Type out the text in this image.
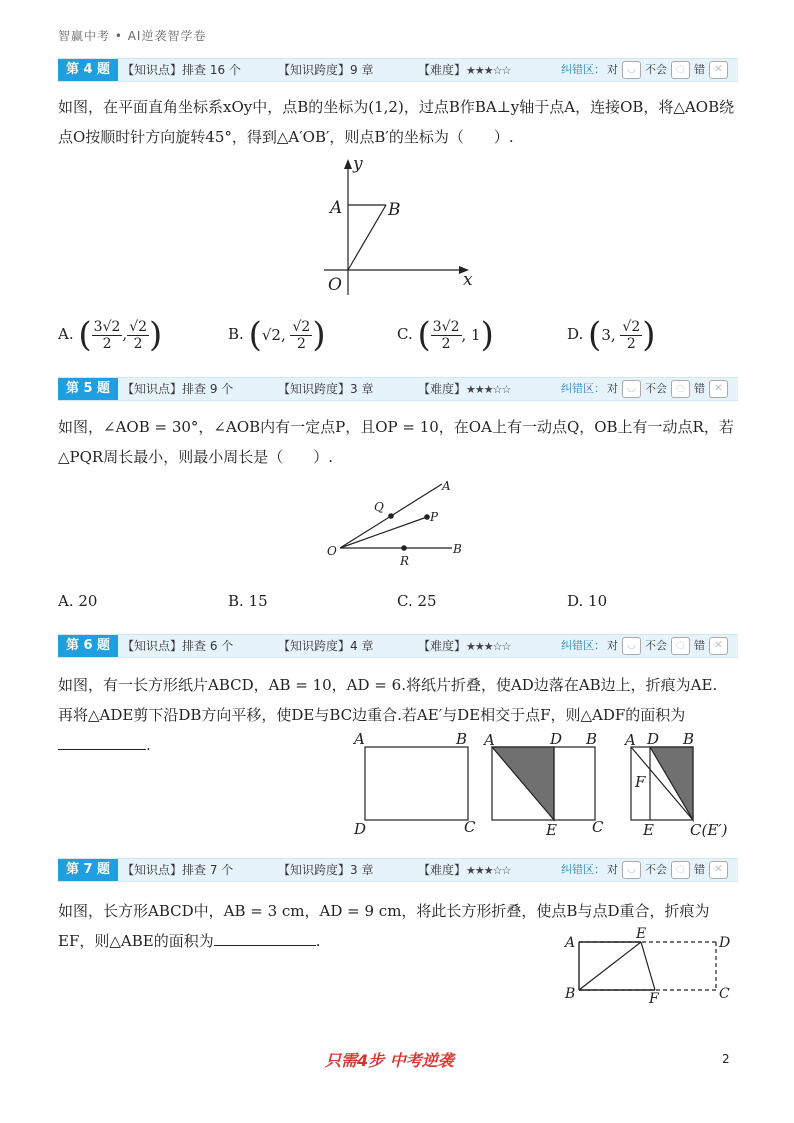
智赢中考 • AI逆袭智学卷
第 4 题 【知识点】排查 16 个	【知识跨度】9 章	【难度】★★★☆☆	纠错区： 对 ◡ 不会 ◌ 错 ✕
如图，在平面直角坐标系xOy中，点B的坐标为(1,2)，过点B作BA⊥y轴于点A，连接OB，将△AOB绕点O按顺时针方向旋转45°，得到△A′OB′，则点B′的坐标为（　　）.
y
x
A	B
O
A. ( $\frac{3√2}{2}$ , $\frac{√2}{2}$ )	B. (√2, $\frac{√2}{2}$ )	C. ( $\frac{3√2}{2}$ , 1)	D. (3, $\frac{√2}{2}$ )
第 5 题 【知识点】排查 9 个	【知识跨度】3 章	【难度】★★★☆☆	纠错区： 对 ◡ 不会 ◌ 错 ✕
如图，∠AOB = 30°，∠AOB内有一定点P，且OP = 10，在OA上有一动点Q，OB上有一动点R，若△PQR周长最小，则最小周长是（　　）.
A
Q
P
O	B
R
A. 20	B. 15	C. 25	D. 10
第 6 题 【知识点】排查 6 个	【知识跨度】4 章	【难度】★★★☆☆	纠错区： 对 ◡ 不会 ◌ 错 ✕
如图，有一长方形纸片ABCD，AB = 10，AD = 6.将纸片折叠，使AD边落在AB边上，折痕为AE.
再将△ADE剪下沿DB方向平移，使DE与BC边重合.若AE′与DE相交于点F，则△ADF的面积为
.	A	B
D	C
A	D B
E C
A D B
F
E C(E′)
第 7 题 【知识点】排查 7 个	【知识跨度】3 章	【难度】★★★☆☆	纠错区： 对 ◡ 不会 ◌ 错 ✕
如图，长方形ABCD中，AB = 3 cm，AD = 9 cm，将此长方形折叠，使点B与点D重合，折痕为
EF，则△ABE的面积为	.	A
E
D
B	F	C
只需4步 中考逆袭	2
